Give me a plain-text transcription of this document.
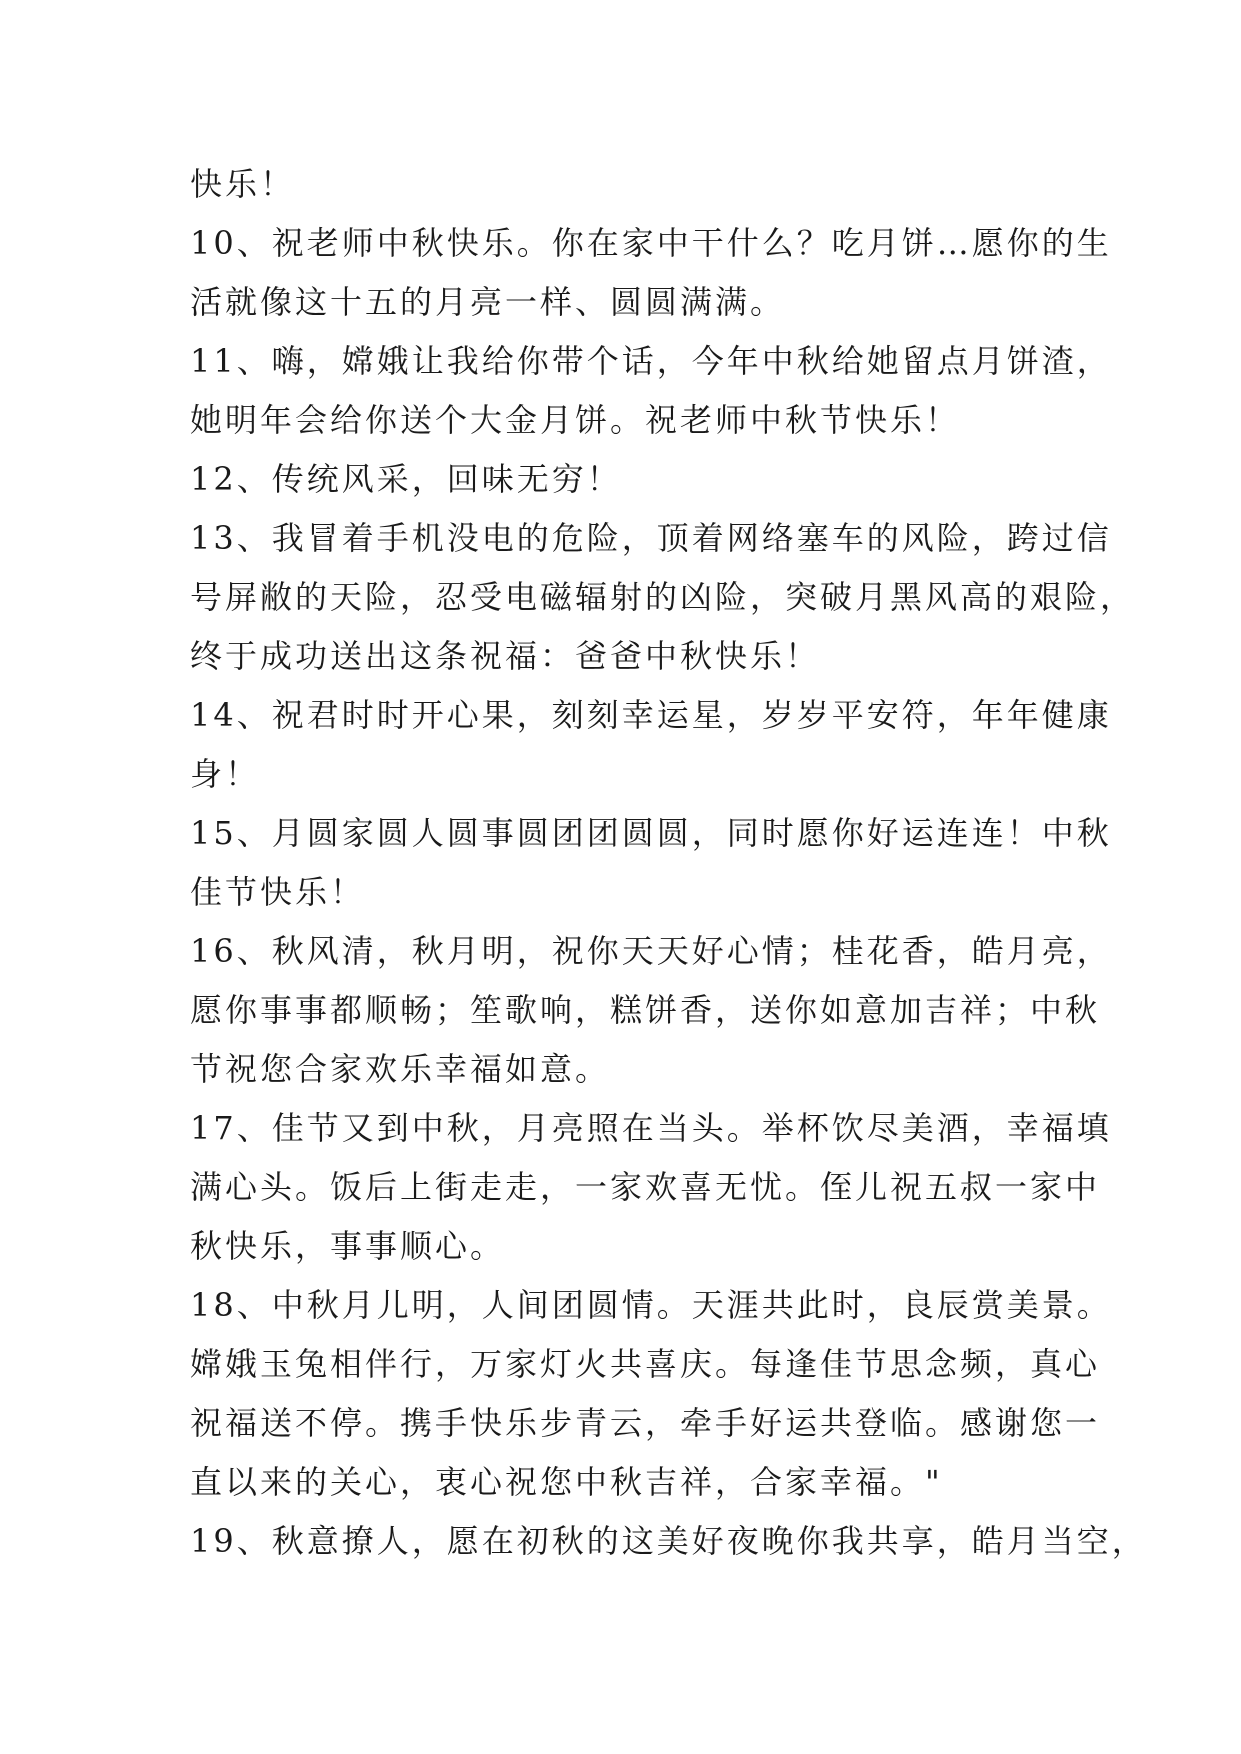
快乐！
10、祝老师中秋快乐。你在家中干什么？吃月饼…愿你的生
活就像这十五的月亮一样、圆圆满满。
11、嗨，嫦娥让我给你带个话，今年中秋给她留点月饼渣，
她明年会给你送个大金月饼。祝老师中秋节快乐！
12、传统风采，回味无穷！
13、我冒着手机没电的危险，顶着网络塞车的风险，跨过信
号屏敝的天险，忍受电磁辐射的凶险，突破月黑风高的艰险，
终于成功送出这条祝福：爸爸中秋快乐！
14、祝君时时开心果，刻刻幸运星，岁岁平安符，年年健康
身！
15、月圆家圆人圆事圆团团圆圆，同时愿你好运连连！中秋
佳节快乐！
16、秋风清，秋月明，祝你天天好心情；桂花香，皓月亮，
愿你事事都顺畅；笙歌响，糕饼香，送你如意加吉祥；中秋
节祝您合家欢乐幸福如意。
17、佳节又到中秋，月亮照在当头。举杯饮尽美酒，幸福填
满心头。饭后上街走走，一家欢喜无忧。侄儿祝五叔一家中
秋快乐，事事顺心。
18、中秋月儿明，人间团圆情。天涯共此时，良辰赏美景。
嫦娥玉兔相伴行，万家灯火共喜庆。每逢佳节思念频，真心
祝福送不停。携手快乐步青云，牵手好运共登临。感谢您一
直以来的关心，衷心祝您中秋吉祥，合家幸福。"
19、秋意撩人，愿在初秋的这美好夜晚你我共享，皓月当空，
